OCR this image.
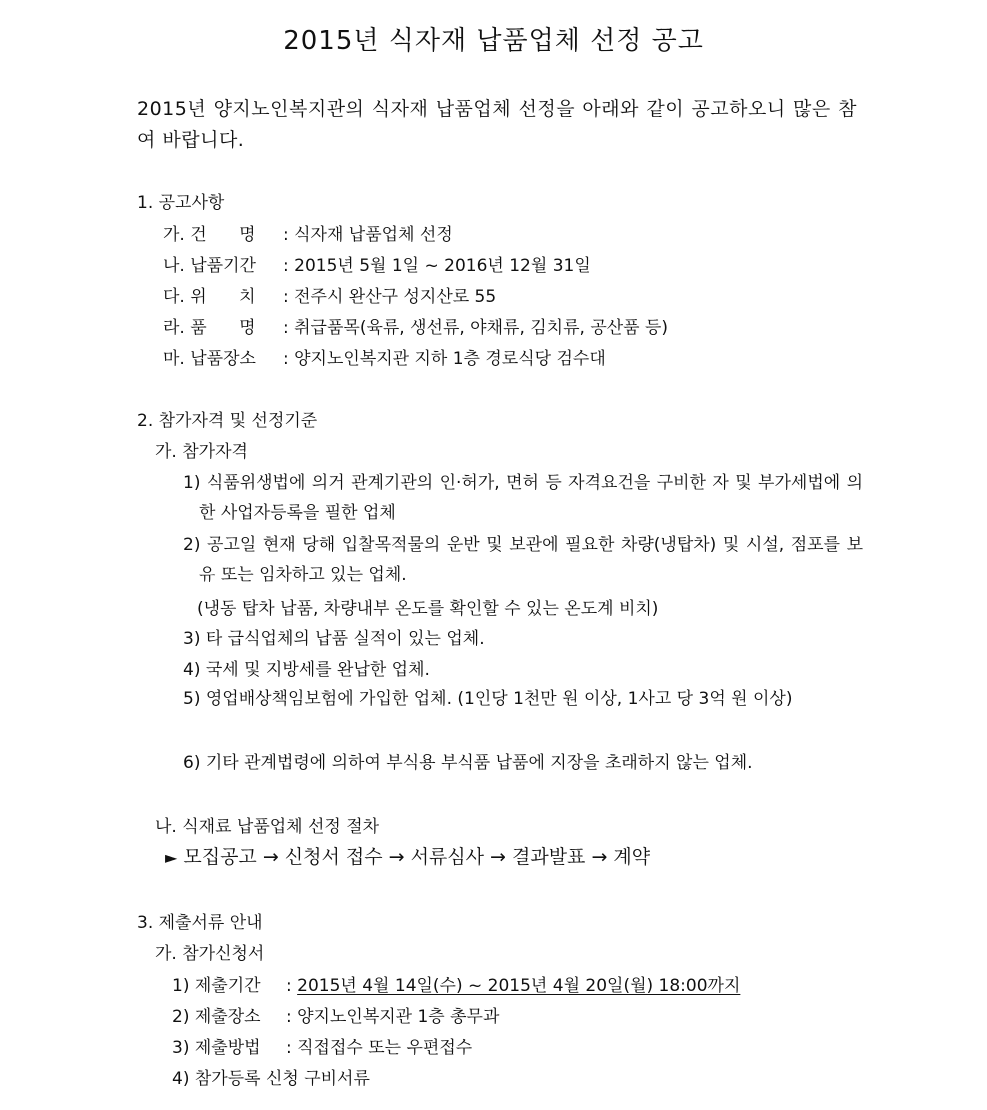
2015년 식자재 납품업체 선정 공고

2015년 양지노인복지관의 식자재 납품업체 선정을 아래와 같이 공고하오니 많은 참여 바랍니다.

1. 공고사항
가. 건      명 : 식자재 납품업체 선정
나. 납품기간 : 2015년 5월 1일 ~ 2016년 12월 31일
다. 위      치 : 전주시 완산구 성지산로 55
라. 품      명 : 취급품목(육류, 생선류, 야채류, 김치류, 공산품 등)
마. 납품장소 : 양지노인복지관 지하 1층 경로식당 검수대
2. 참가자격 및 선정기준
가. 참가자격

1) 식품위생법에 의거 관계기관의 인·허가, 면허 등 자격요건을 구비한 자 및 부가세법에 의한 사업자등록을 필한 업체

2) 공고일 현재 당해 입찰목적물의 운반 및 보관에 필요한 차량(냉탑차) 및 시설, 점포를 보유 또는 임차하고 있는 업체.

(냉동 탑차 납품, 차량내부 온도를 확인할 수 있는 온도계 비치)
3) 타 급식업체의 납품 실적이 있는 업체.
4) 국세 및 지방세를 완납한 업체.

5) 영업배상책임보험에 가입한 업체. (1인당 1천만 원 이상, 1사고 당 3억 원 이상)

6) 기타 관계법령에 의하여 부식용 부식품 납품에 지장을 초래하지 않는 업체.

나. 식재료 납품업체 선정 절차
► 모집공고 → 신청서 접수 → 서류심사 → 결과발표 → 계약
3. 제출서류 안내
가. 참가신청서
1) 제출기간 : 2015년 4월 14일(수) ~ 2015년 4월 20일(월) 18:00까지
2) 제출장소 : 양지노인복지관 1층 총무과
3) 제출방법 : 직접접수 또는 우편접수
4) 참가등록 신청 구비서류
